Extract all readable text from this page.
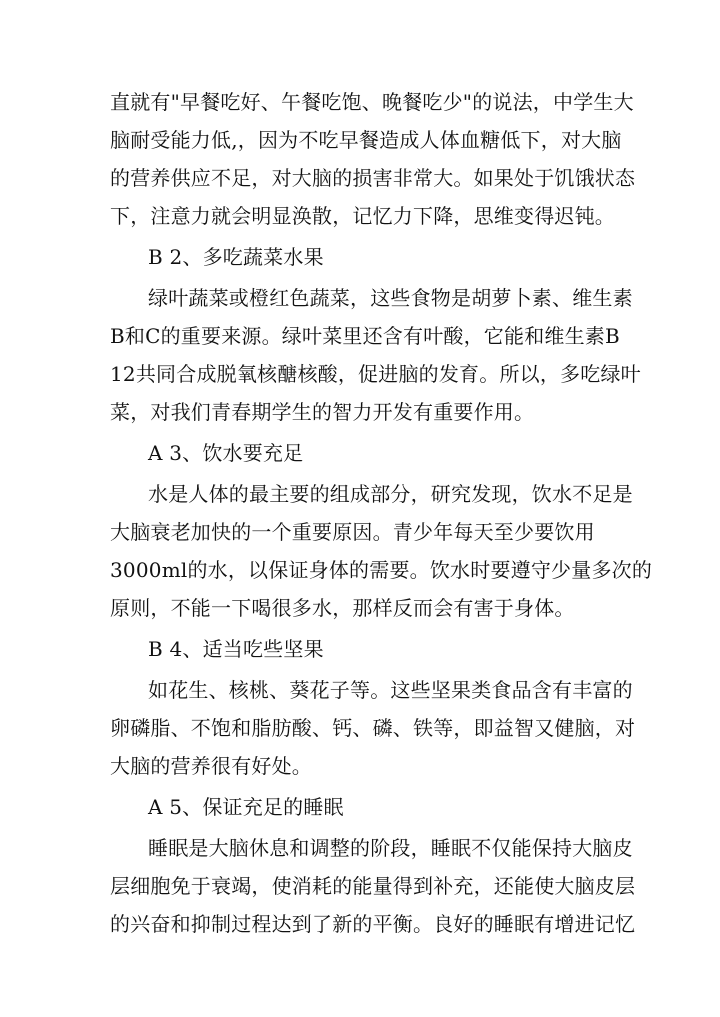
直就有"早餐吃好、午餐吃饱、晚餐吃少"的说法，中学生大
脑耐受能力低,，因为不吃早餐造成人体血糖低下，对大脑
的营养供应不足，对大脑的损害非常大。如果处于饥饿状态
下，注意力就会明显涣散，记忆力下降，思维变得迟钝。
B 2、多吃蔬菜水果
绿叶蔬菜或橙红色蔬菜，这些食物是胡萝卜素、维生素
B和C的重要来源。绿叶菜里还含有叶酸，它能和维生素B
12共同合成脱氧核醣核酸，促进脑的发育。所以，多吃绿叶
菜，对我们青春期学生的智力开发有重要作用。
A 3、饮水要充足
水是人体的最主要的组成部分，研究发现，饮水不足是
大脑衰老加快的一个重要原因。青少年每天至少要饮用
3000ml的水，以保证身体的需要。饮水时要遵守少量多次的
原则，不能一下喝很多水，那样反而会有害于身体。
B 4、适当吃些坚果
如花生、核桃、葵花子等。这些坚果类食品含有丰富的
卵磷脂、不饱和脂肪酸、钙、磷、铁等，即益智又健脑，对
大脑的营养很有好处。
A 5、保证充足的睡眠
睡眠是大脑休息和调整的阶段，睡眠不仅能保持大脑皮
层细胞免于衰竭，使消耗的能量得到补充，还能使大脑皮层
的兴奋和抑制过程达到了新的平衡。良好的睡眠有增进记忆
